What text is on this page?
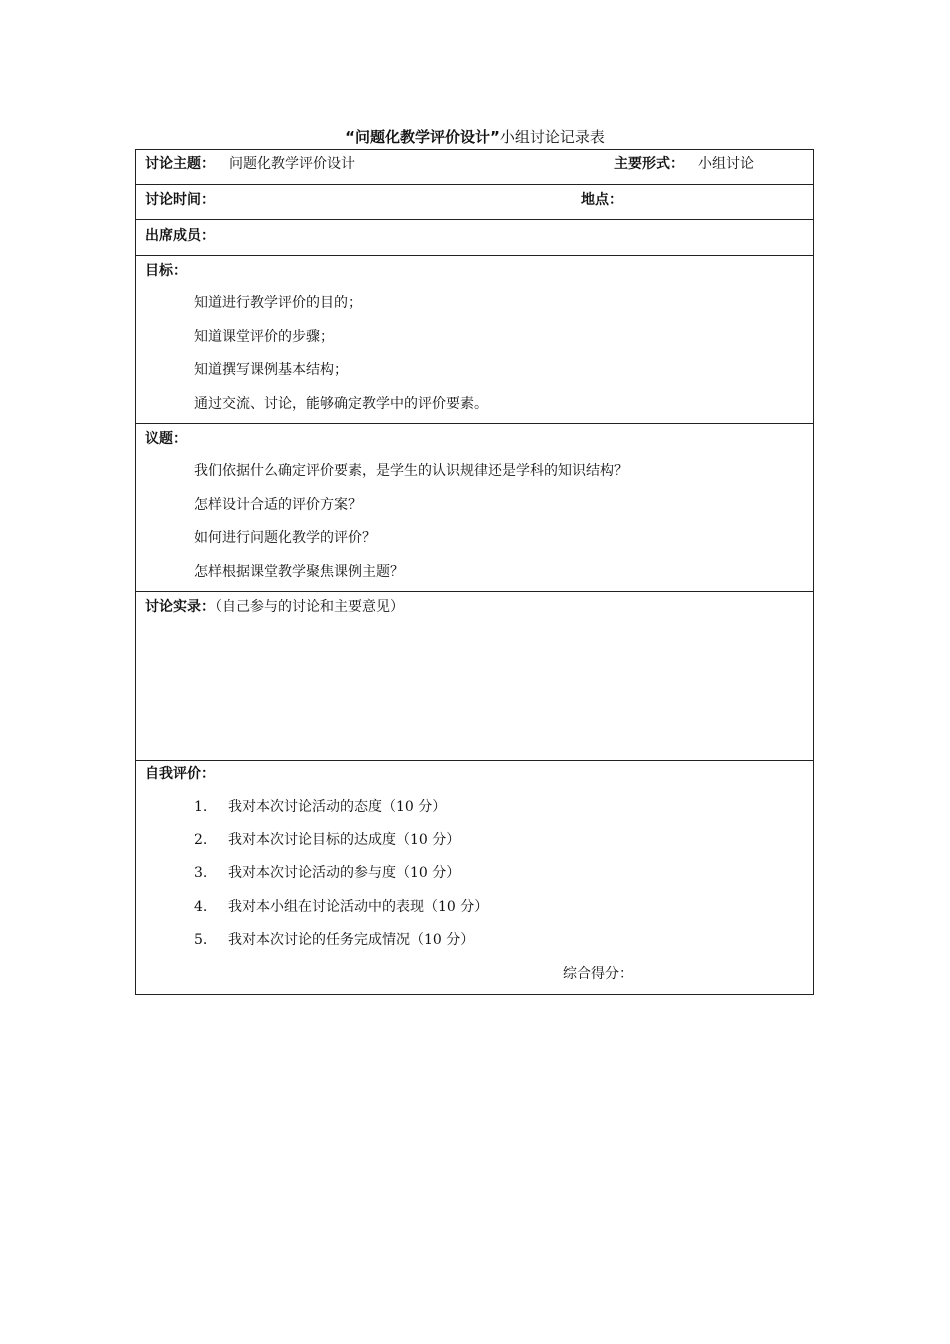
“问题化教学评价设计”小组讨论记录表
讨论主题： 问题化教学评价设计	主要形式： 小组讨论
讨论时间：	地点：
出席成员：
目标：
知道进行教学评价的目的；
知道课堂评价的步骤；
知道撰写课例基本结构；
通过交流、讨论，能够确定教学中的评价要素。
议题：
我们依据什么确定评价要素，是学生的认识规律还是学科的知识结构？
怎样设计合适的评价方案？
如何进行问题化教学的评价？
怎样根据课堂教学聚焦课例主题？
讨论实录：（自己参与的讨论和主要意见）
自我评价：
1. 我对本次讨论活动的态度（10 分）
2. 我对本次讨论目标的达成度（10 分）
3. 我对本次讨论活动的参与度（10 分）
4. 我对本小组在讨论活动中的表现（10 分）
5. 我对本次讨论的任务完成情况（10 分）
综合得分：
